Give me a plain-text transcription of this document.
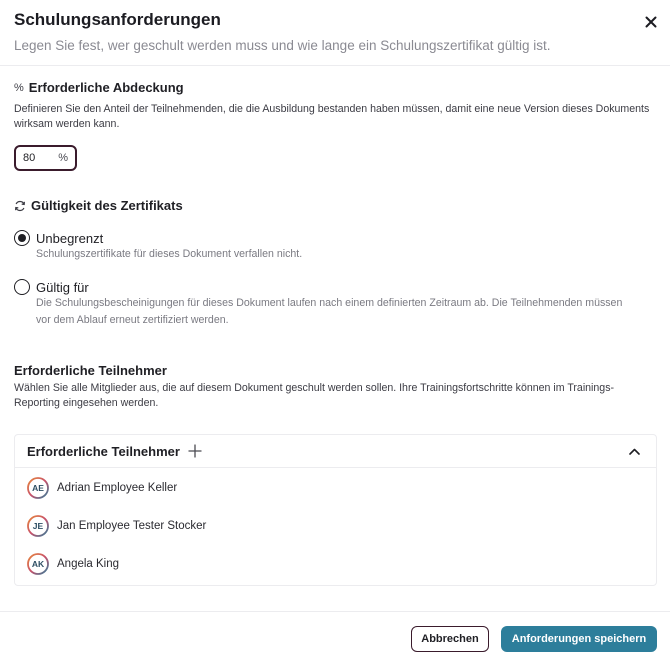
Schulungsanforderungen
Legen Sie fest, wer geschult werden muss und wie lange ein Schulungszertifikat gültig ist.
% Erforderliche Abdeckung
Definieren Sie den Anteil der Teilnehmenden, die die Ausbildung bestanden haben müssen, damit eine neue Version dieses Dokuments wirksam werden kann.
80 %
Gültigkeit des Zertifikats
Unbegrenzt
Schulungszertifikate für dieses Dokument verfallen nicht.
Gültig für
Die Schulungsbescheinigungen für dieses Dokument laufen nach einem definierten Zeitraum ab. Die Teilnehmenden müssen vor dem Ablauf erneut zertifiziert werden.
Erforderliche Teilnehmer
Wählen Sie alle Mitglieder aus, die auf diesem Dokument geschult werden sollen. Ihre Trainingsfortschritte können im Trainings-Reporting eingesehen werden.
Erforderliche Teilnehmer
AE Adrian Employee Keller
JE Jan Employee Tester Stocker
AK Angela King
Abbrechen	Anforderungen speichern
